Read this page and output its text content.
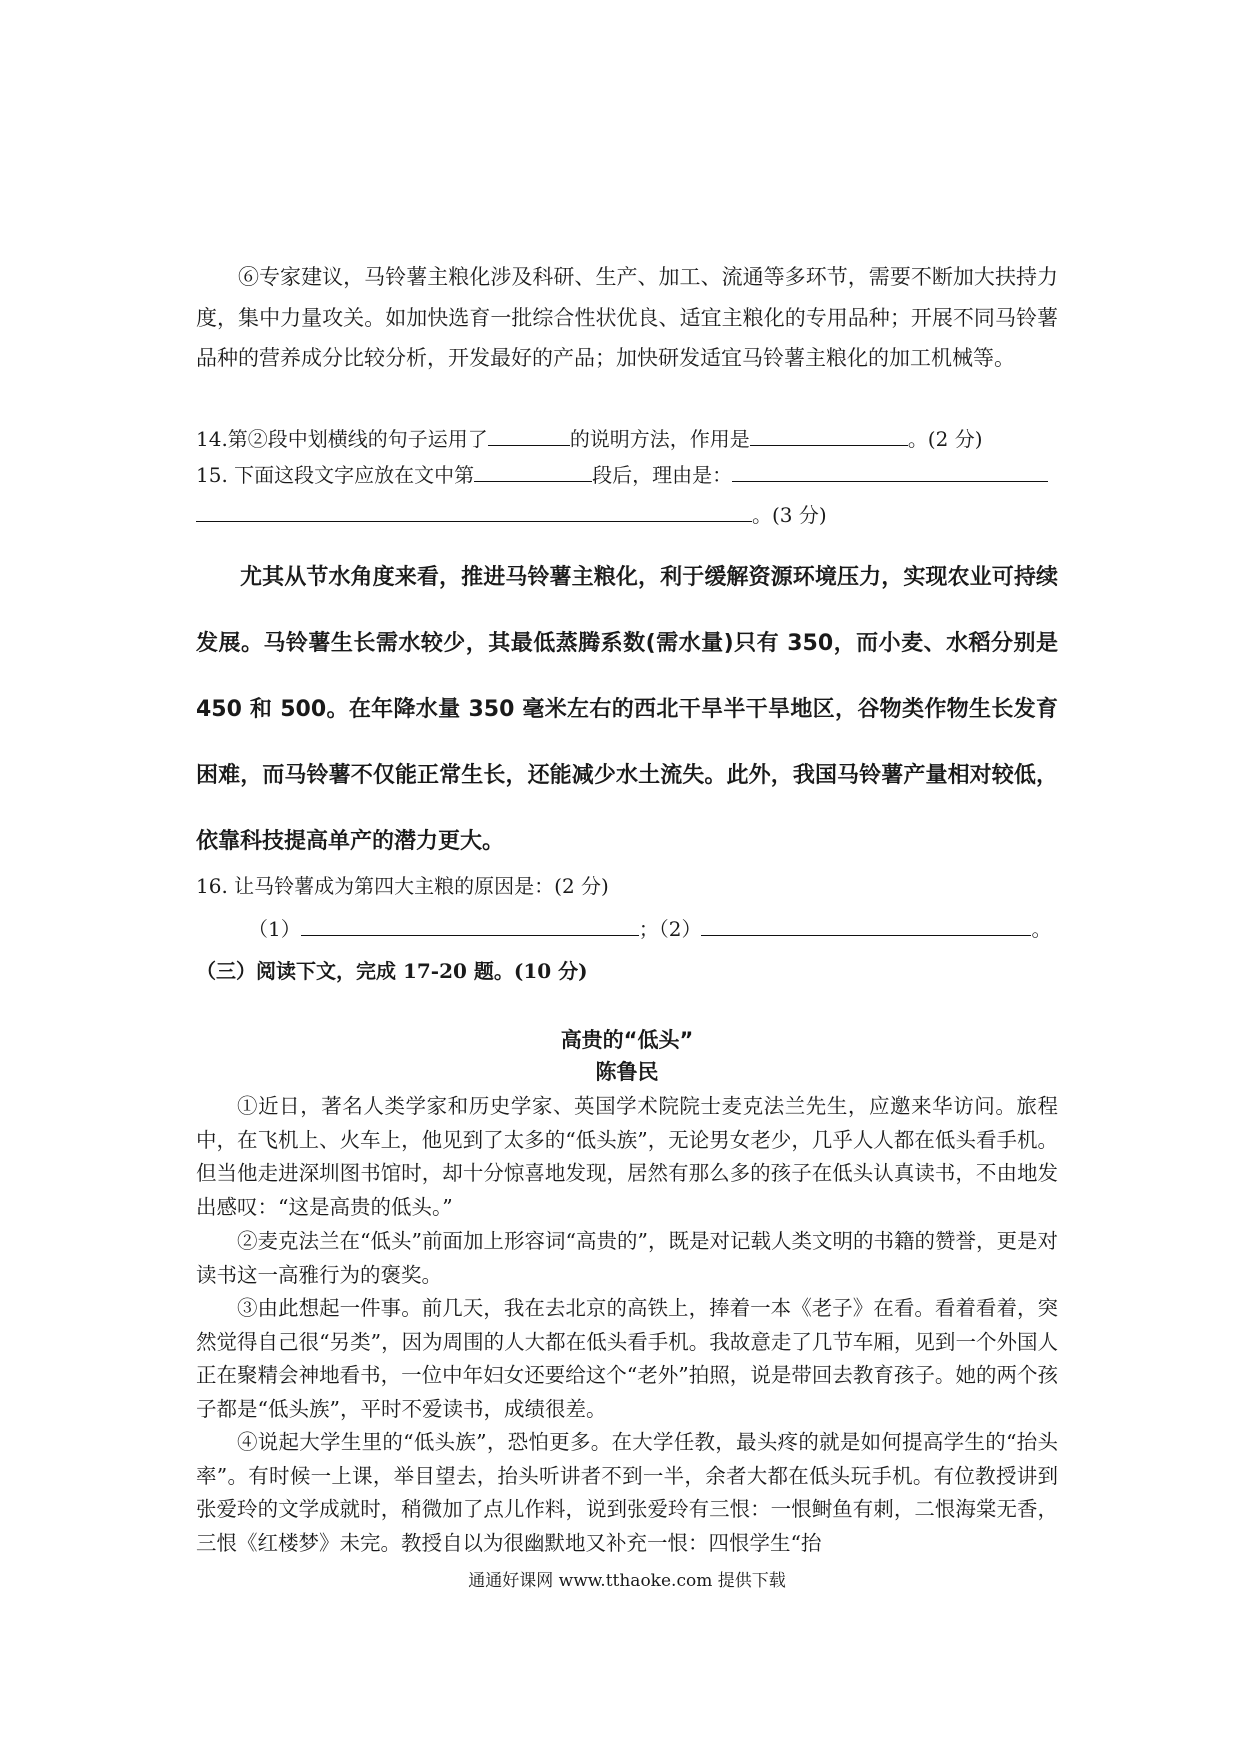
⑥专家建议，马铃薯主粮化涉及科研、生产、加工、流通等多环节，需要不断加大扶持力度，集中力量攻关。如加快选育一批综合性状优良、适宜主粮化的专用品种；开展不同马铃薯品种的营养成分比较分析，开发最好的产品；加快研发适宜马铃薯主粮化的加工机械等。

14.第②段中划横线的句子运用了	的说明方法，作用是	。(2 分)
15. 下面这段文字应放在文中第	段后，理由是：
。(3 分)

尤其从节水角度来看，推进马铃薯主粮化，利于缓解资源环境压力，实现农业可持续发展。马铃薯生长需水较少，其最低蒸腾系数(需水量)只有 350，而小麦、水稻分别是 450 和 500。在年降水量 350 毫米左右的西北干旱半干旱地区，谷物类作物生长发育困难，而马铃薯不仅能正常生长，还能减少水土流失。此外，我国马铃薯产量相对较低，依靠科技提高单产的潜力更大。

16. 让马铃薯成为第四大主粮的原因是：(2 分)
（1）	；（2）	。
（三）阅读下文，完成 17-20 题。(10 分)
高贵的“低头”
陈鲁民

①近日，著名人类学家和历史学家、英国学术院院士麦克法兰先生，应邀来华访问。旅程中，在飞机上、火车上，他见到了太多的“低头族”，无论男女老少，几乎人人都在低头看手机。但当他走进深圳图书馆时，却十分惊喜地发现，居然有那么多的孩子在低头认真读书，不由地发出感叹：“这是高贵的低头。”

②麦克法兰在“低头”前面加上形容词“高贵的”，既是对记载人类文明的书籍的赞誉，更是对读书这一高雅行为的褒奖。

③由此想起一件事。前几天，我在去北京的高铁上，捧着一本《老子》在看。看着看着，突然觉得自己很“另类”，因为周围的人大都在低头看手机。我故意走了几节车厢，见到一个外国人正在聚精会神地看书，一位中年妇女还要给这个“老外”拍照，说是带回去教育孩子。她的两个孩子都是“低头族”，平时不爱读书，成绩很差。

④说起大学生里的“低头族”，恐怕更多。在大学任教，最头疼的就是如何提高学生的“抬头率”。有时候一上课，举目望去，抬头听讲者不到一半，余者大都在低头玩手机。有位教授讲到张爱玲的文学成就时，稍微加了点儿作料，说到张爱玲有三恨：一恨鲥鱼有刺，二恨海棠无香，三恨《红楼梦》未完。教授自以为很幽默地又补充一恨：四恨学生“抬

通通好课网 www.tthaoke.com 提供下载
